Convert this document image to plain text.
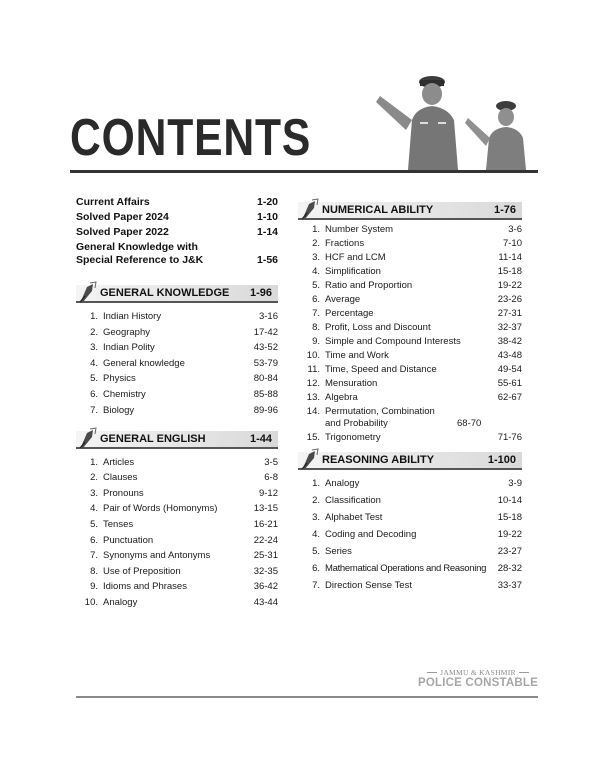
CONTENTS
Current Affairs	1-20
Solved Paper 2024	1-10
Solved Paper 2022	1-14
General Knowledge with Special Reference to J&K	1-56
GENERAL KNOWLEDGE 1-96
1. Indian History	3-16
2. Geography	17-42
3. Indian Polity	43-52
4. General knowledge	53-79
5. Physics	80-84
6. Chemistry	85-88
7. Biology	89-96
GENERAL ENGLISH	1-44
1. Articles	3-5
2. Clauses	6-8
3. Pronouns	9-12
4. Pair of Words (Homonyms)	13-15
5. Tenses	16-21
6. Punctuation	22-24
7. Synonyms and Antonyms	25-31
8. Use of Preposition	32-35
9. Idioms and Phrases	36-42
10. Analogy	43-44
NUMERICAL ABILITY	1-76
1. Number System	3-6
2. Fractions	7-10
3. HCF and LCM	11-14
4. Simplification	15-18
5. Ratio and Proportion	19-22
6. Average	23-26
7. Percentage	27-31
8. Profit, Loss and Discount	32-37
9. Simple and Compound Interests	38-42
10. Time and Work	43-48
11. Time, Speed and Distance	49-54
12. Mensuration	55-61
13. Algebra	62-67
14. Permutation, Combination and Probability	68-70
15. Trigonometry	71-76
REASONING ABILITY	1-100
1. Analogy	3-9
2. Classification	10-14
3. Alphabet Test	15-18
4. Coding and Decoding	19-22
5. Series	23-27
6. Mathematical Operations and Reasoning	28-32
7. Direction Sense Test	33-37
JAMMU & KASHMIR
POLICE CONSTABLE
